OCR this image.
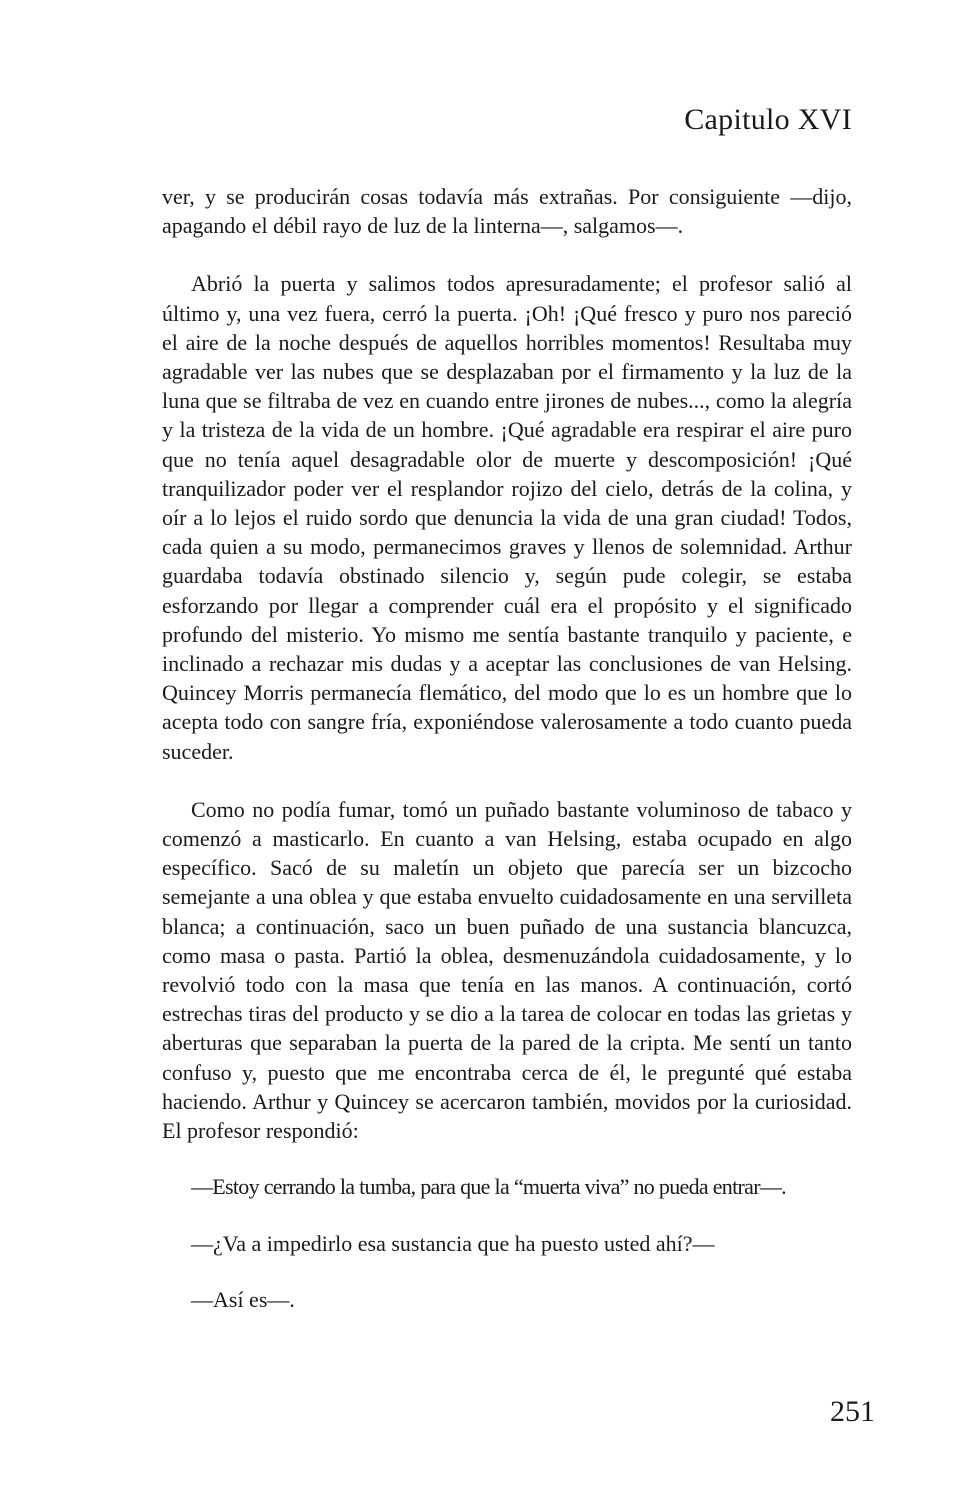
Capitulo XVI

ver, y se producirán cosas todavía más extrañas. Por consiguiente —dijo, apagando el débil rayo de luz de la linterna—, salgamos—.

Abrió la puerta y salimos todos apresuradamente; el profesor salió al último y, una vez fuera, cerró la puerta. ¡Oh! ¡Qué fresco y puro nos pareció el aire de la noche después de aquellos horribles momentos! Resultaba muy agradable ver las nubes que se desplazaban por el firmamento y la luz de la luna que se filtraba de vez en cuando entre jirones de nubes..., como la alegría y la tristeza de la vida de un hombre. ¡Qué agradable era respirar el aire puro que no tenía aquel desagradable olor de muerte y descomposición! ¡Qué tranquilizador poder ver el resplandor rojizo del cielo, detrás de la colina, y oír a lo lejos el ruido sordo que denuncia la vida de una gran ciudad! Todos, cada quien a su modo, permanecimos graves y llenos de solemnidad. Arthur guardaba todavía obstinado silencio y, según pude colegir, se estaba esforzando por llegar a comprender cuál era el propósito y el significado profundo del misterio. Yo mismo me sentía bastante tranquilo y paciente, e inclinado a rechazar mis dudas y a aceptar las conclusiones de van Helsing. Quincey Morris permanecía flemático, del modo que lo es un hombre que lo acepta todo con sangre fría, exponiéndose valerosamente a todo cuanto pueda suceder.

Como no podía fumar, tomó un puñado bastante voluminoso de tabaco y comenzó a masticarlo. En cuanto a van Helsing, estaba ocupado en algo específico. Sacó de su maletín un objeto que parecía ser un bizcocho semejante a una oblea y que estaba envuelto cuidadosamente en una servilleta blanca; a continuación, saco un buen puñado de una sustancia blancuzca, como masa o pasta. Partió la oblea, desmenuzándola cuidadosamente, y lo revolvió todo con la masa que tenía en las manos. A continuación, cortó estrechas tiras del producto y se dio a la tarea de colocar en todas las grietas y aberturas que separaban la puerta de la pared de la cripta. Me sentí un tanto confuso y, puesto que me encontraba cerca de él, le pregunté qué estaba haciendo. Arthur y Quincey se acercaron también, movidos por la curiosidad. El profesor respondió:

—Estoy cerrando la tumba, para que la “muerta viva” no pueda entrar—.

—¿Va a impedirlo esa sustancia que ha puesto usted ahí?—

—Así es—.

251
